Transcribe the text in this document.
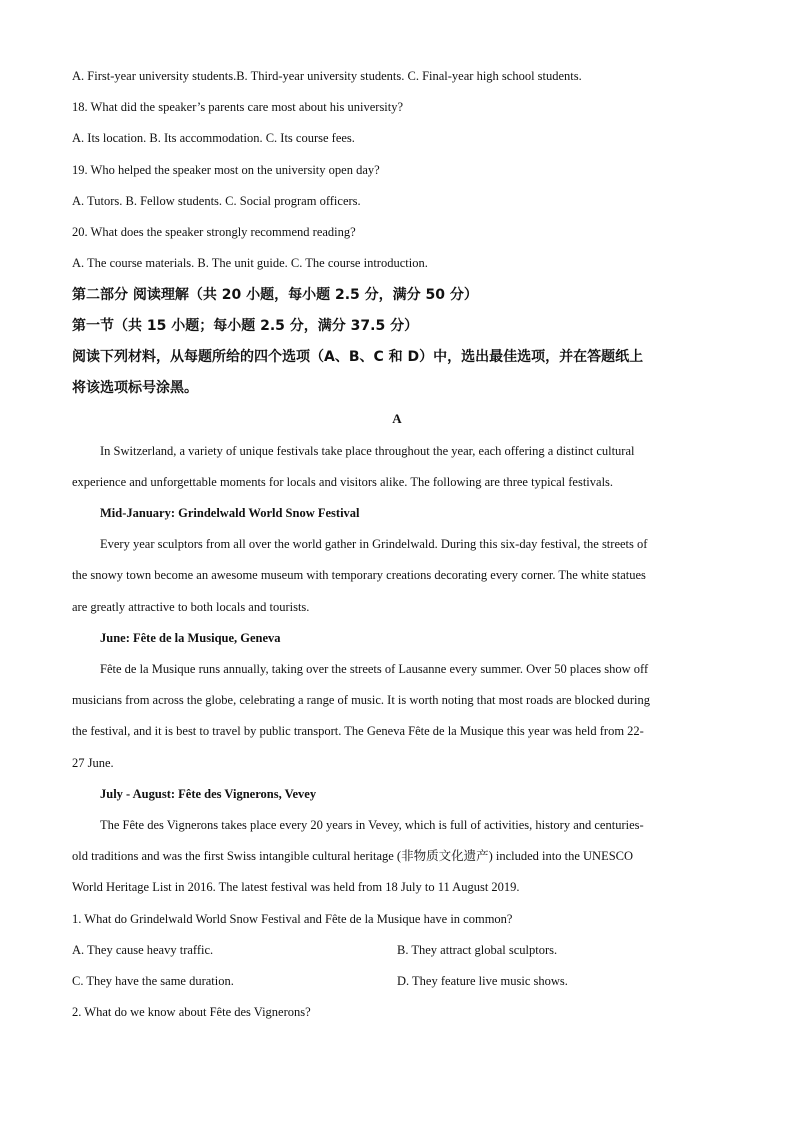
A. First-year university students.B. Third-year university students. C. Final-year high school students.
18. What did the speaker’s parents care most about his university?
A. Its location. B. Its accommodation. C. Its course fees.
19. Who helped the speaker most on the university open day?
A. Tutors. B. Fellow students. C. Social program officers.
20. What does the speaker strongly recommend reading?
A. The course materials. B. The unit guide. C. The course introduction.
第二部分 阅读理解（共 20 小题，每小题 2.5 分，满分 50 分）
第一节（共 15 小题；每小题 2.5 分，满分 37.5 分）
阅读下列材料，从每题所给的四个选项（A、B、C 和 D）中，选出最佳选项，并在答题纸上
将该选项标号涂黑。
A
In Switzerland, a variety of unique festivals take place throughout the year, each offering a distinct cultural
experience and unforgettable moments for locals and visitors alike. The following are three typical festivals.
Mid-January: Grindelwald World Snow Festival
Every year sculptors from all over the world gather in Grindelwald. During this six-day festival, the streets of
the snowy town become an awesome museum with temporary creations decorating every corner. The white statues
are greatly attractive to both locals and tourists.
June: Fête de la Musique, Geneva
Fête de la Musique runs annually, taking over the streets of Lausanne every summer. Over 50 places show off
musicians from across the globe, celebrating a range of music. It is worth noting that most roads are blocked during
the festival, and it is best to travel by public transport. The Geneva Fête de la Musique this year was held from 22-
27 June.
July - August: Fête des Vignerons, Vevey
The Fête des Vignerons takes place every 20 years in Vevey, which is full of activities, history and centuries-
old traditions and was the first Swiss intangible cultural heritage (非物质文化遗产) included into the UNESCO
World Heritage List in 2016. The latest festival was held from 18 July to 11 August 2019.
1. What do Grindelwald World Snow Festival and Fête de la Musique have in common?
A. They cause heavy traffic.	B. They attract global sculptors.
C. They have the same duration.	D. They feature live music shows.
2. What do we know about Fête des Vignerons?
